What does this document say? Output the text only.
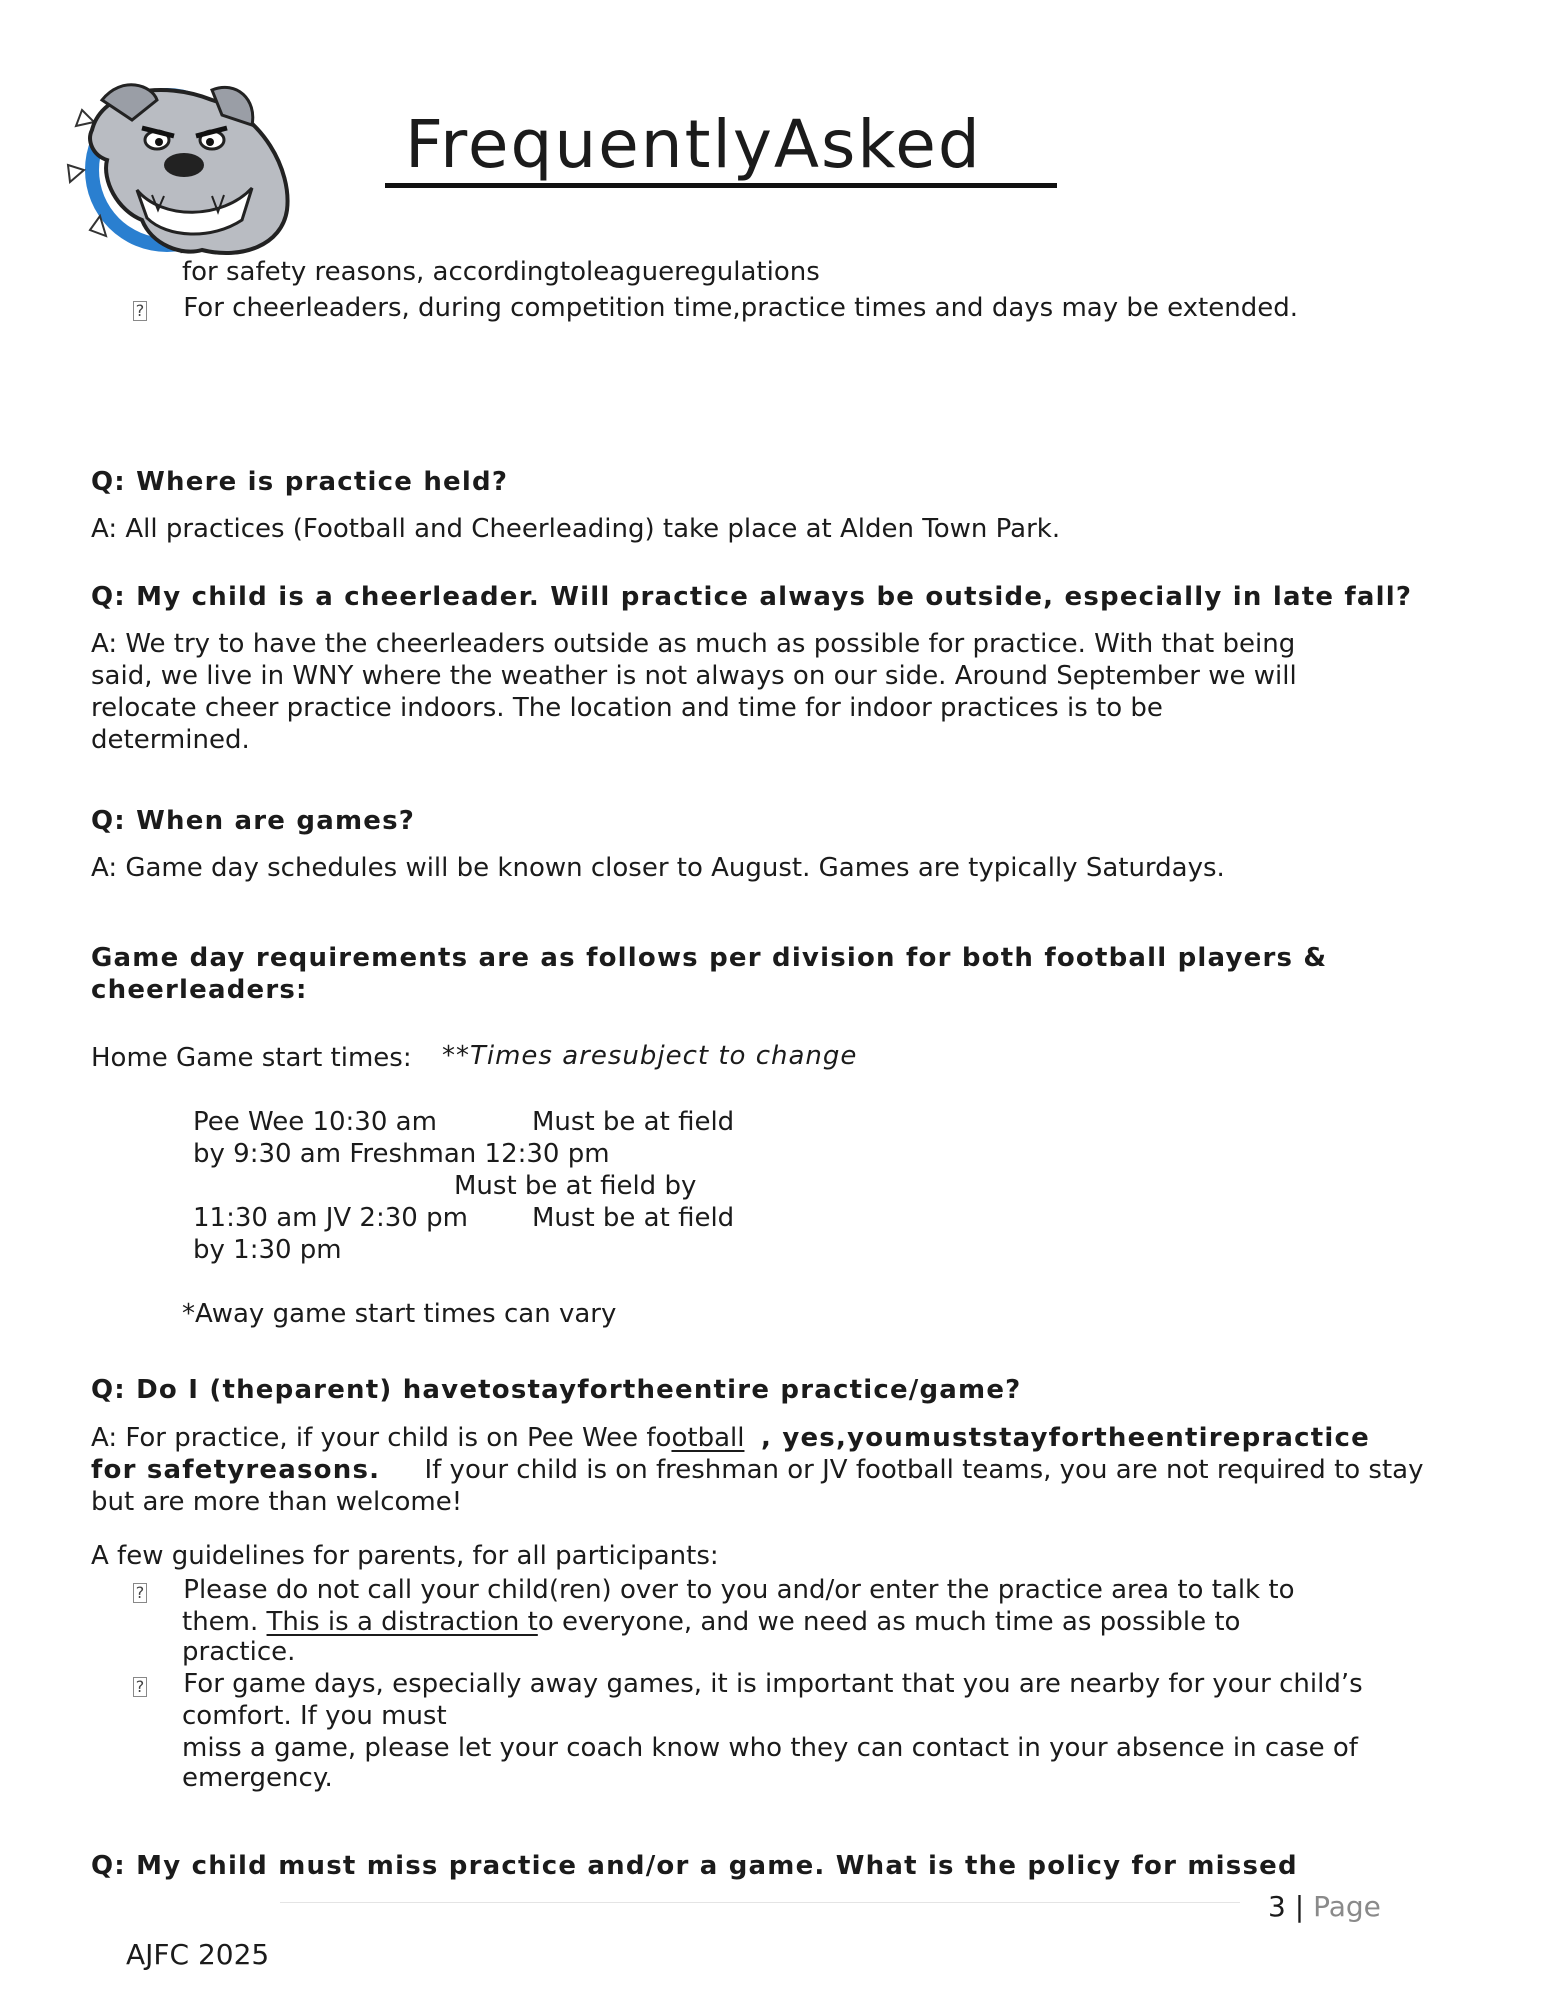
FrequentlyAsked
for safety reasons, accordingtoleagueregulations
? For cheerleaders, during competition time,practice times and days may be extended.
Q: Where is practice held?
A: All practices (Football and Cheerleading) take place at Alden Town Park.
Q: My child is a cheerleader. Will practice always be outside, especially in late fall?
A: We try to have the cheerleaders outside as much as possible for practice. With that being
said, we live in WNY where the weather is not always on our side. Around September we will
relocate cheer practice indoors. The location and time for indoor practices is to be
determined.
Q: When are games?
A: Game day schedules will be known closer to August. Games are typically Saturdays.
Game day requirements are as follows per division for both football players &
cheerleaders:
Home Game start times: **Times aresubject to change
Pee Wee 10:30 am	Must be at field
by 9:30 am Freshman 12:30 pm
Must be at field by
11:30 am JV 2:30 pm Must be at field
by 1:30 pm
*Away game start times can vary
Q: Do I (theparent) havetostayfortheentire practice/game?
A: For practice, if your child is on Pee Wee football , yes,youmuststayfortheentirepractice
for safetyreasons. If your child is on freshman or JV football teams, you are not required to stay
but are more than welcome!
A few guidelines for parents, for all participants:
? Please do not call your child(ren) over to you and/or enter the practice area to talk to
them. This is a distraction to everyone, and we need as much time as possible to
practice.
? For game days, especially away games, it is important that you are nearby for your child’s
comfort. If you must
miss a game, please let your coach know who they can contact in your absence in case of
emergency.
Q: My child must miss practice and/or a game. What is the policy for missed
3 | Page
AJFC 2025
